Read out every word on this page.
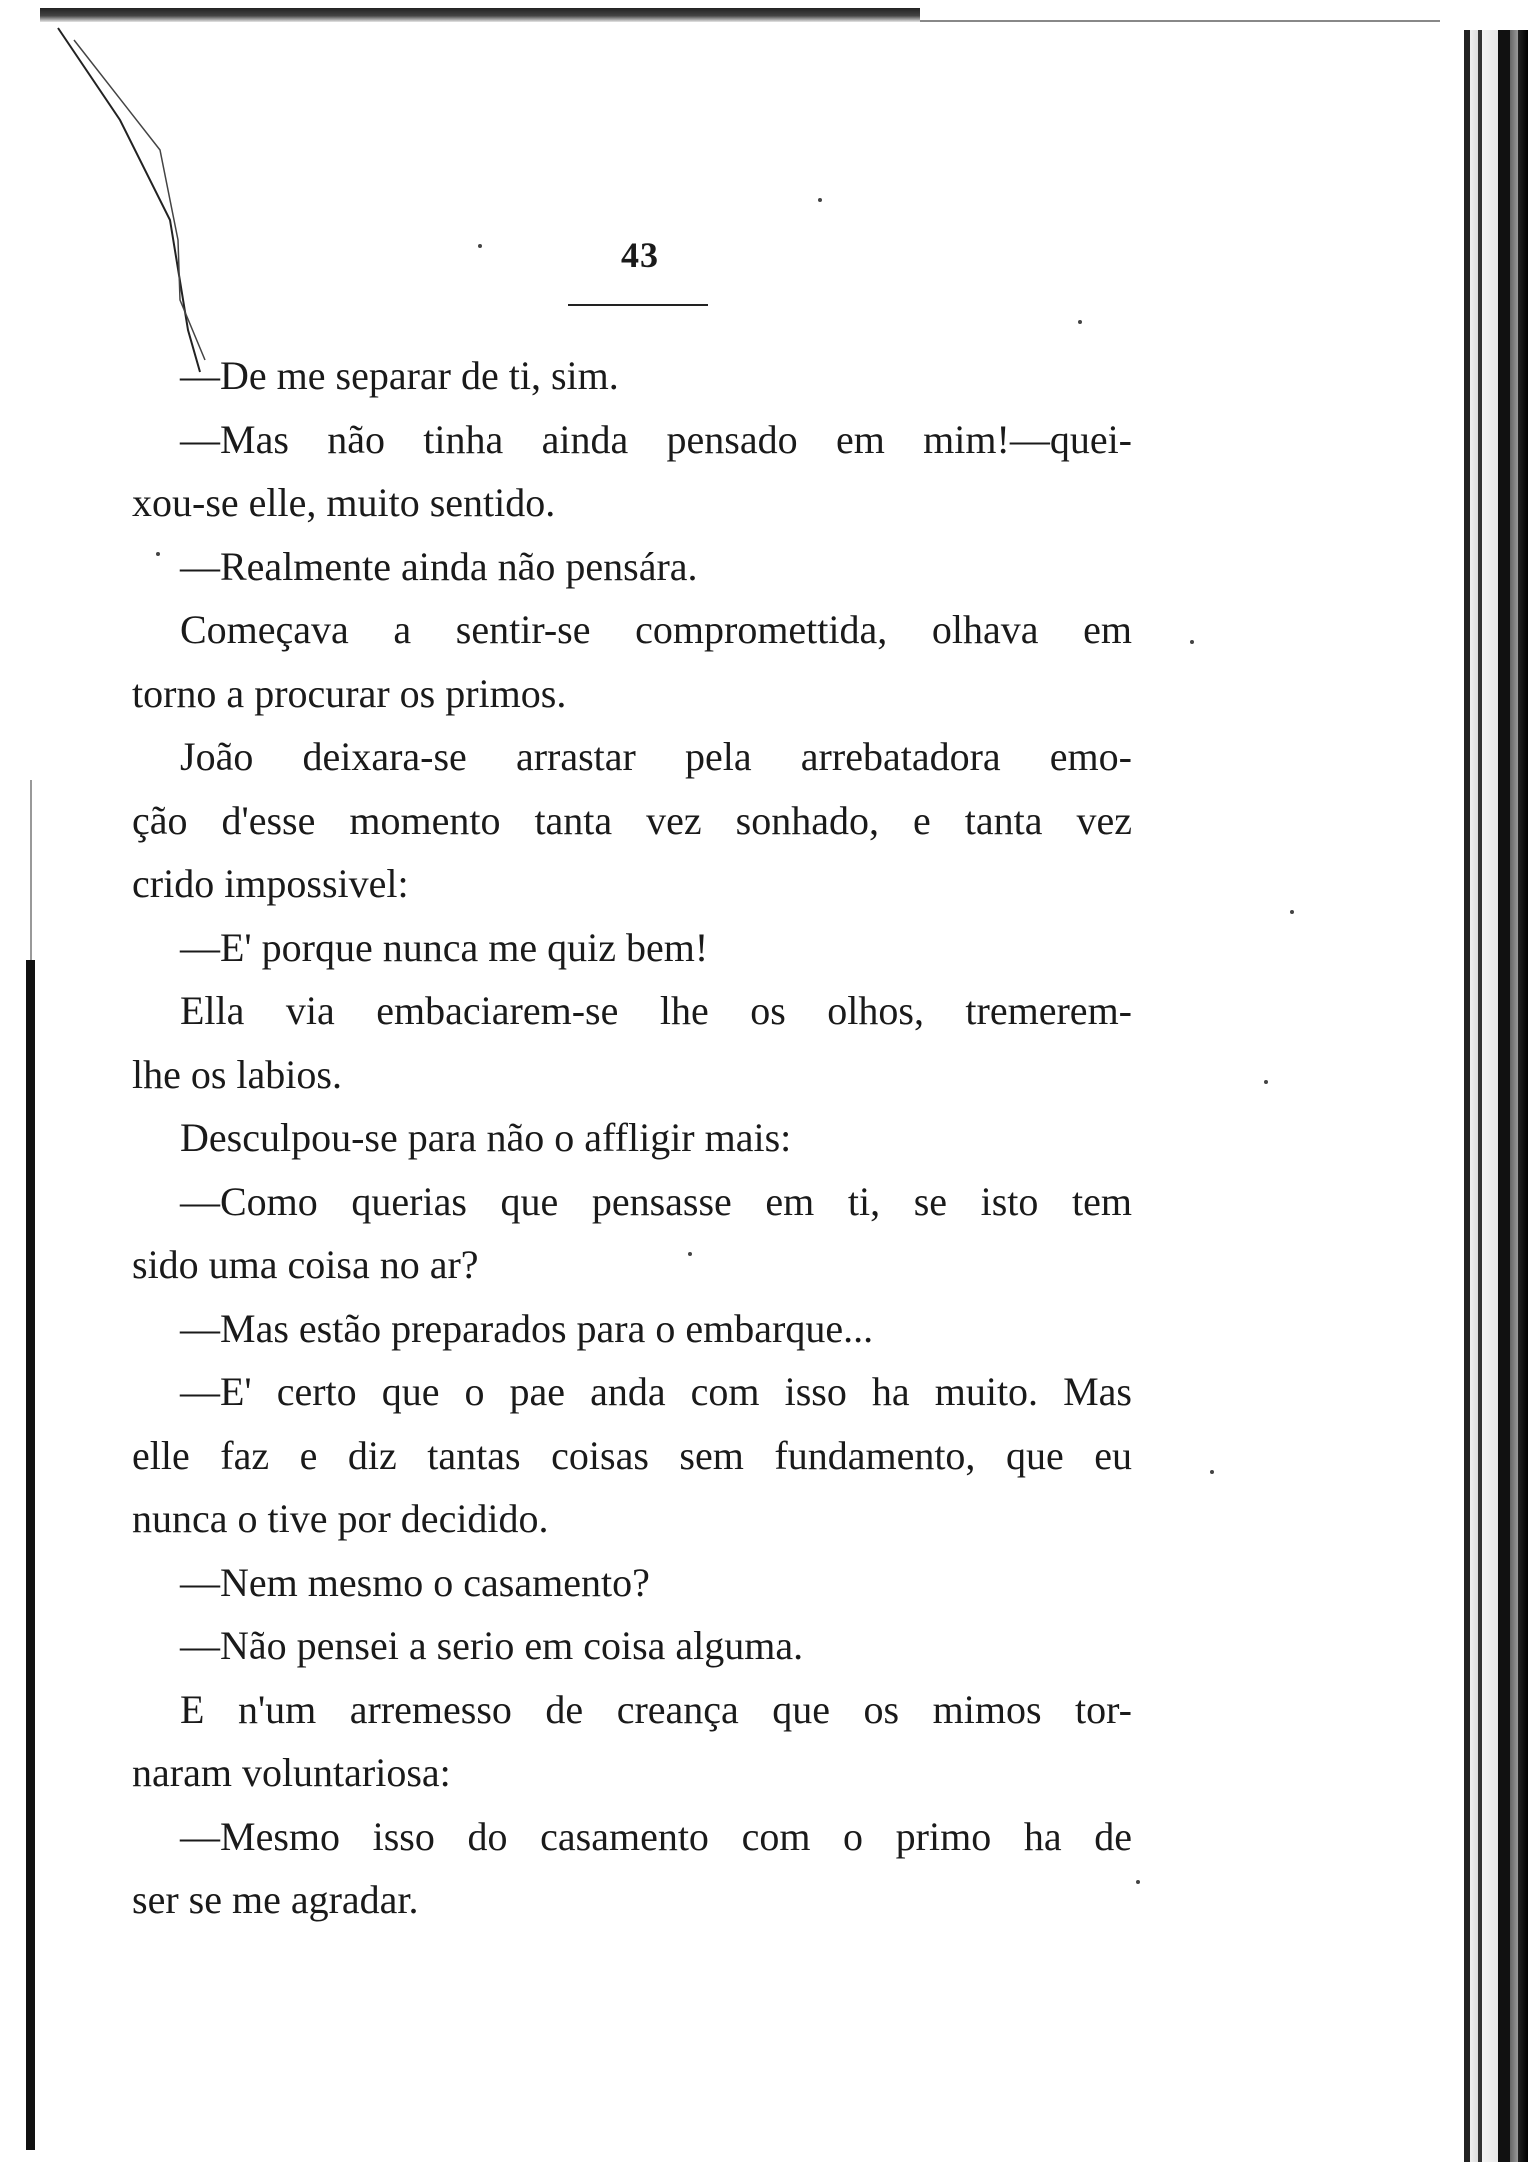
43
—De me separar de ti, sim.
—Mas não tinha ainda pensado em mim!—quei-
xou-se elle, muito sentido.
—Realmente ainda não pensára.
Começava a sentir-se compromettida, olhava em
torno a procurar os primos.
João deixara-se arrastar pela arrebatadora emo-
ção d'esse momento tanta vez sonhado, e tanta vez
crido impossivel:
—E' porque nunca me quiz bem!
Ella via embaciarem-se lhe os olhos, tremerem-
lhe os labios.
Desculpou-se para não o affligir mais:
—Como querias que pensasse em ti, se isto tem
sido uma coisa no ar?
—Mas estão preparados para o embarque...
—E' certo que o pae anda com isso ha muito. Mas
elle faz e diz tantas coisas sem fundamento, que eu
nunca o tive por decidido.
—Nem mesmo o casamento?
—Não pensei a serio em coisa alguma.
E n'um arremesso de creança que os mimos tor-
naram voluntariosa:
—Mesmo isso do casamento com o primo ha de
ser se me agradar.
